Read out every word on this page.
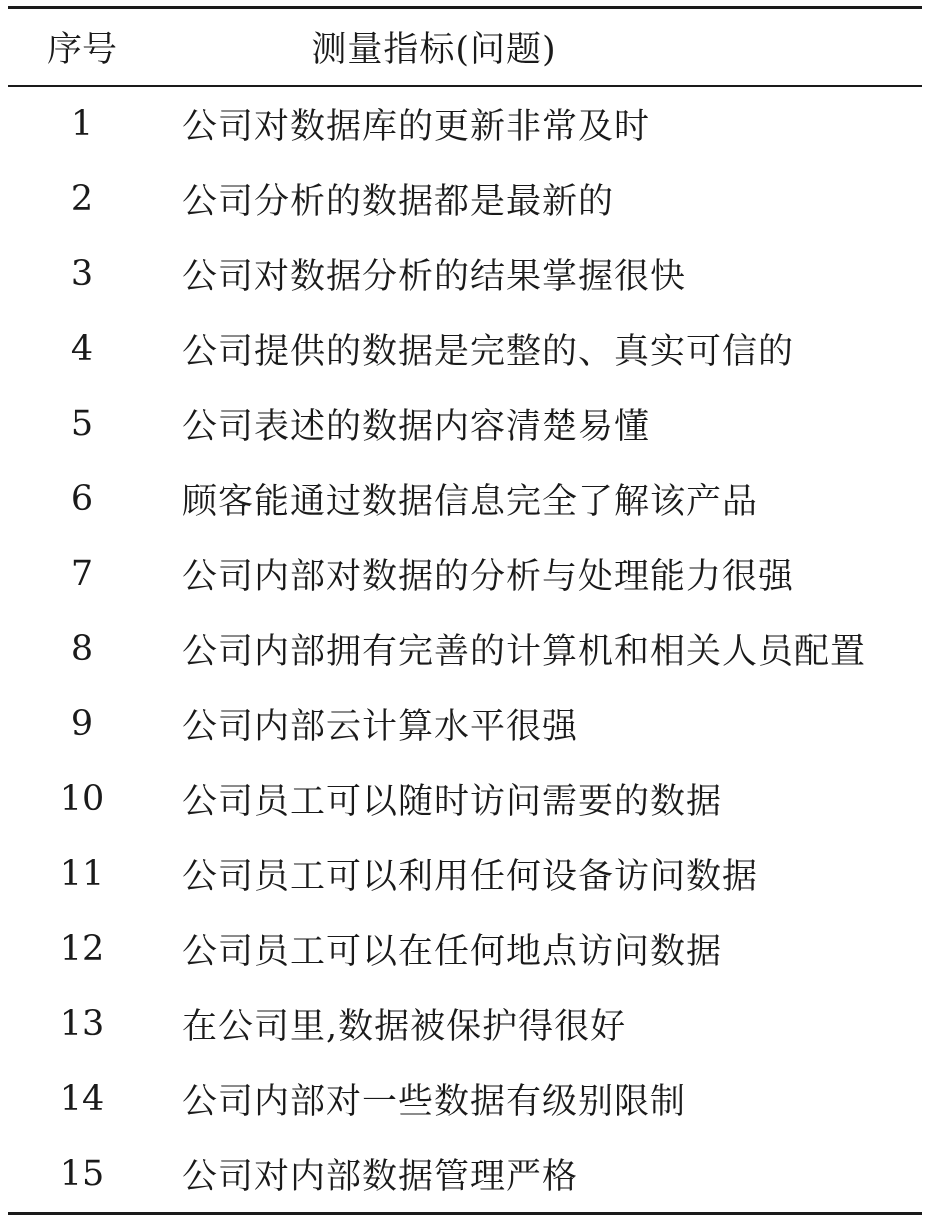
序号	测量指标(问题)
1	公司对数据库的更新非常及时
2	公司分析的数据都是最新的
3	公司对数据分析的结果掌握很快
4	公司提供的数据是完整的、真实可信的
5	公司表述的数据内容清楚易懂
6	顾客能通过数据信息完全了解该产品
7	公司内部对数据的分析与处理能力很强
8	公司内部拥有完善的计算机和相关人员配置
9	公司内部云计算水平很强
10	公司员工可以随时访问需要的数据
11	公司员工可以利用任何设备访问数据
12	公司员工可以在任何地点访问数据
13	在公司里,数据被保护得很好
14	公司内部对一些数据有级别限制
15	公司对内部数据管理严格
